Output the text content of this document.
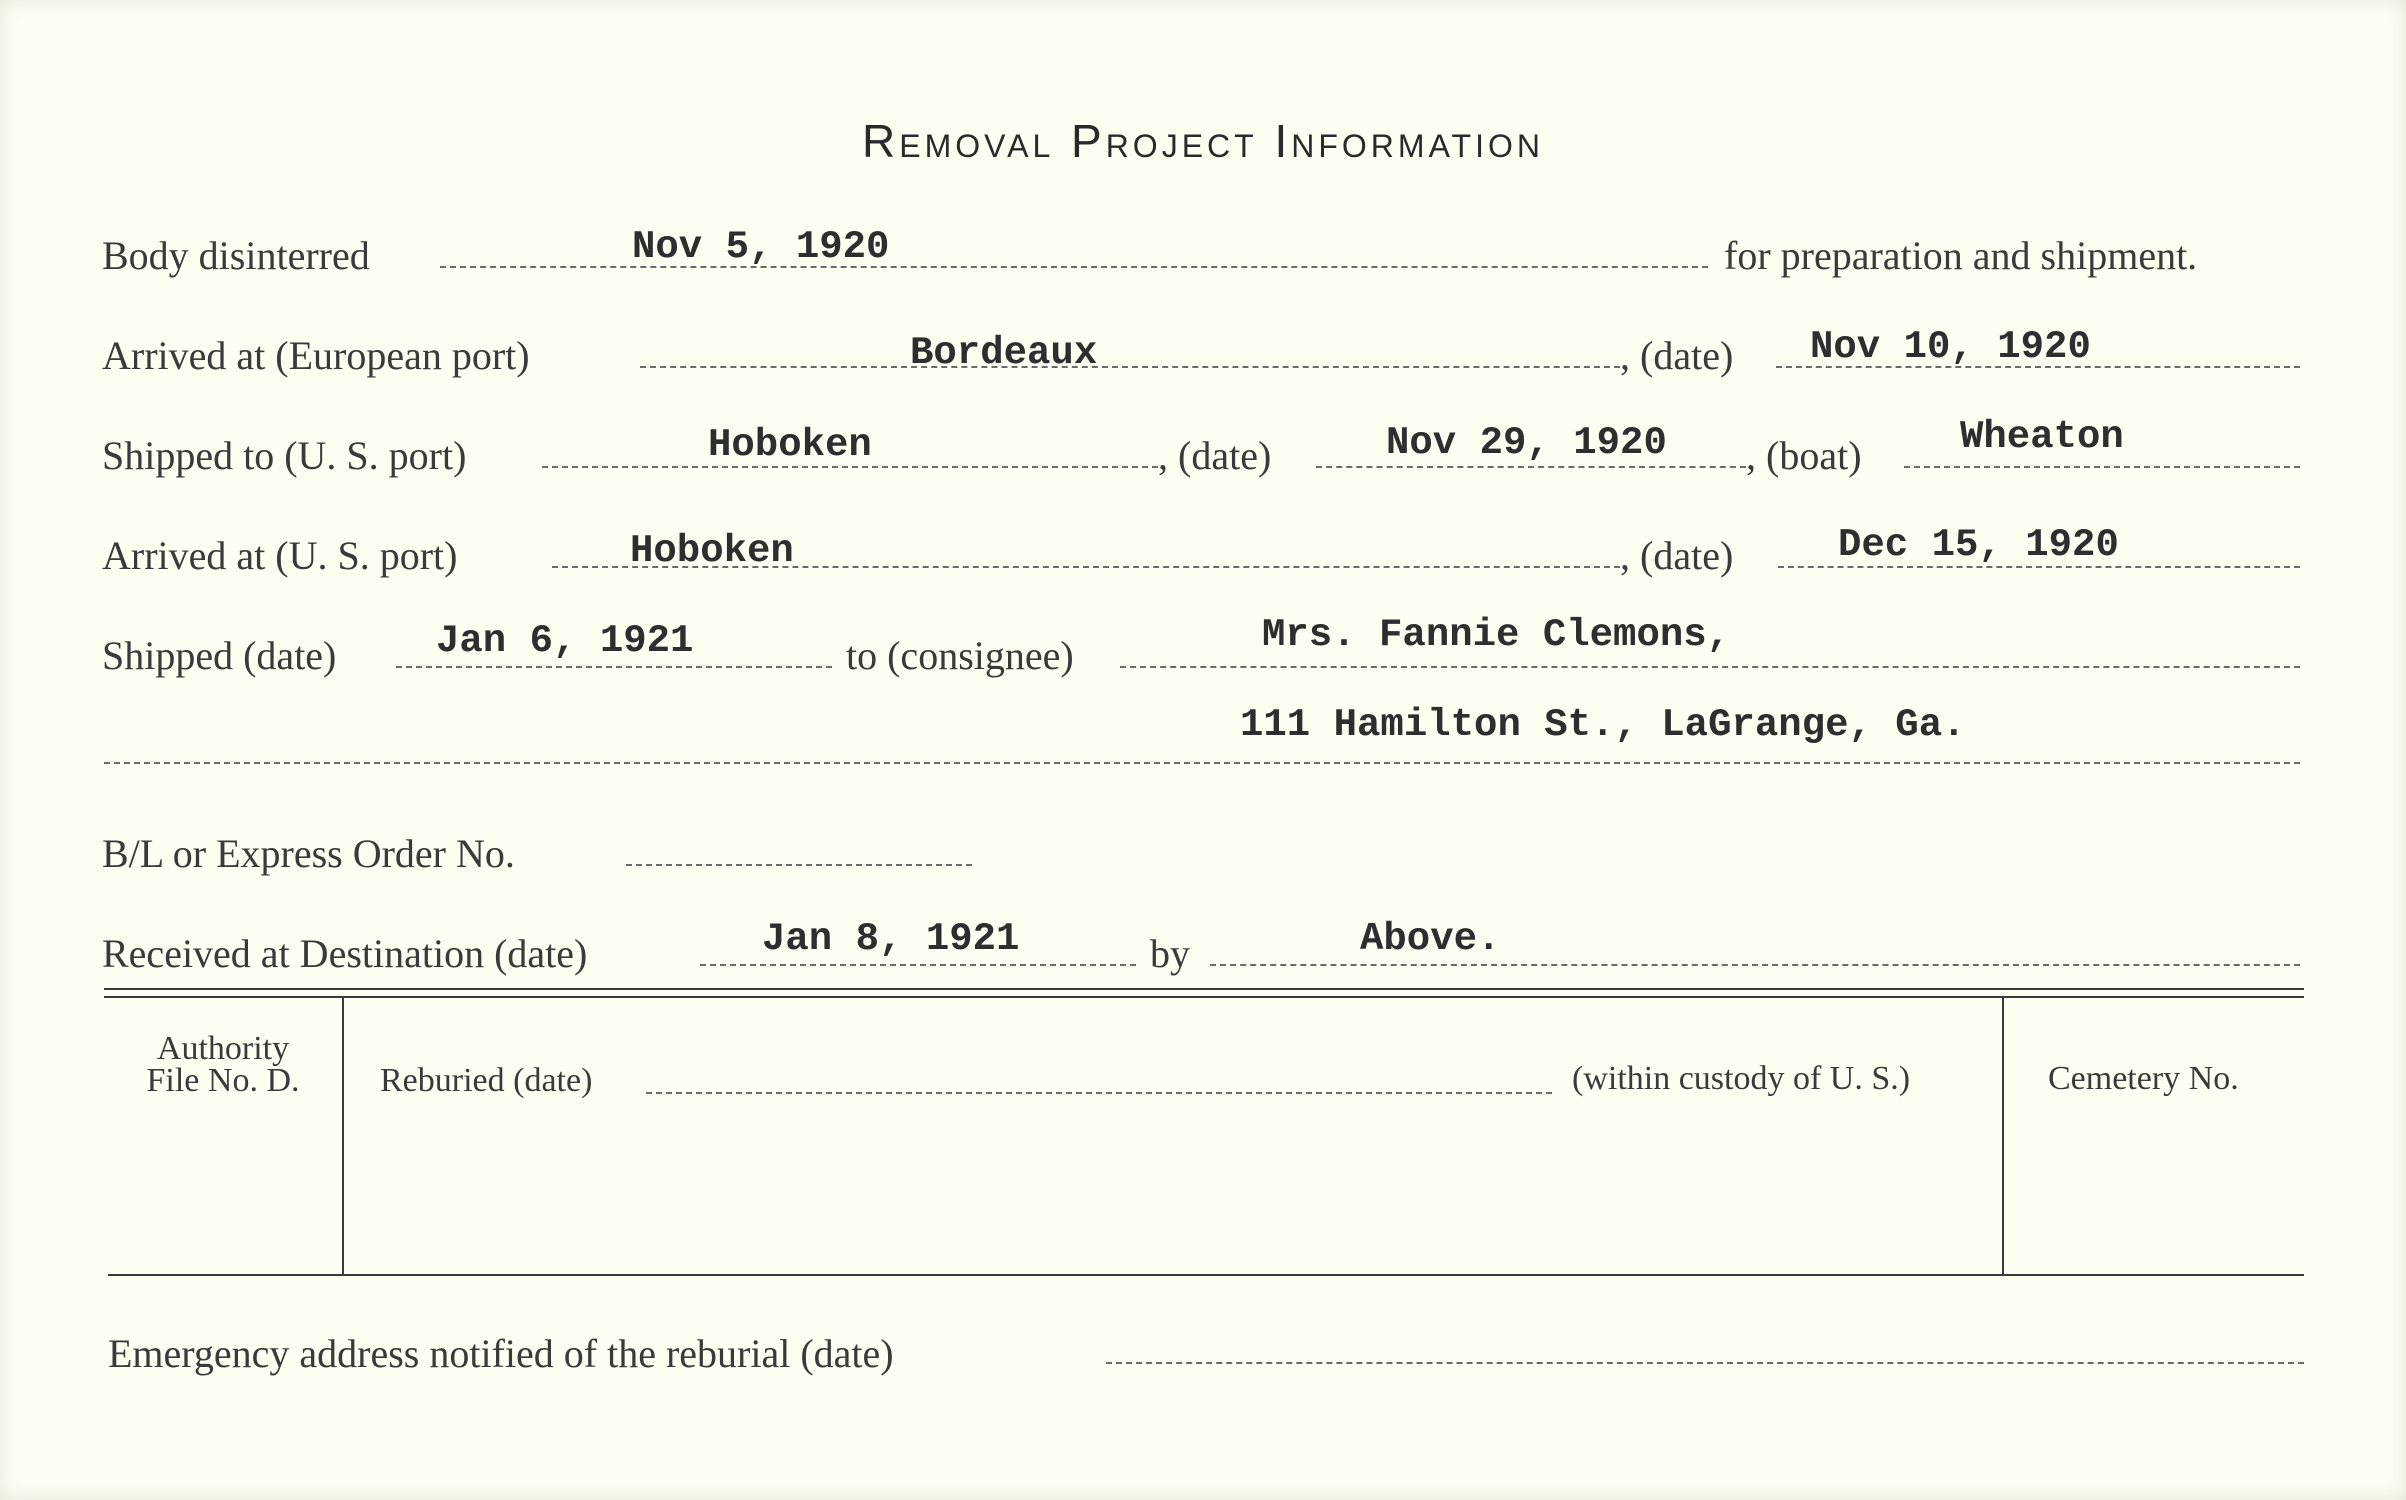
Removal Project Information
Body disinterred	Nov 5, 1920	for preparation and shipment.
Arrived at (European port)	Bordeaux	, (date) Nov 10, 1920
Shipped to (U. S. port)	Hoboken	, (date)	Nov 29, 1920 , (boat)	Wheaton
Arrived at (U. S. port)	Hoboken	, (date)	Dec 15, 1920
Shipped (date)	Jan 6, 1921	to (consignee)	Mrs. Fannie Clemons,
111 Hamilton St., LaGrange, Ga.
B/L or Express Order No.
Received at Destination (date)	Jan 8, 1921	by	Above.
Authority
File No. D.	Reburied (date)	(within custody of U. S.)	Cemetery No.
Emergency address notified of the reburial (date)
